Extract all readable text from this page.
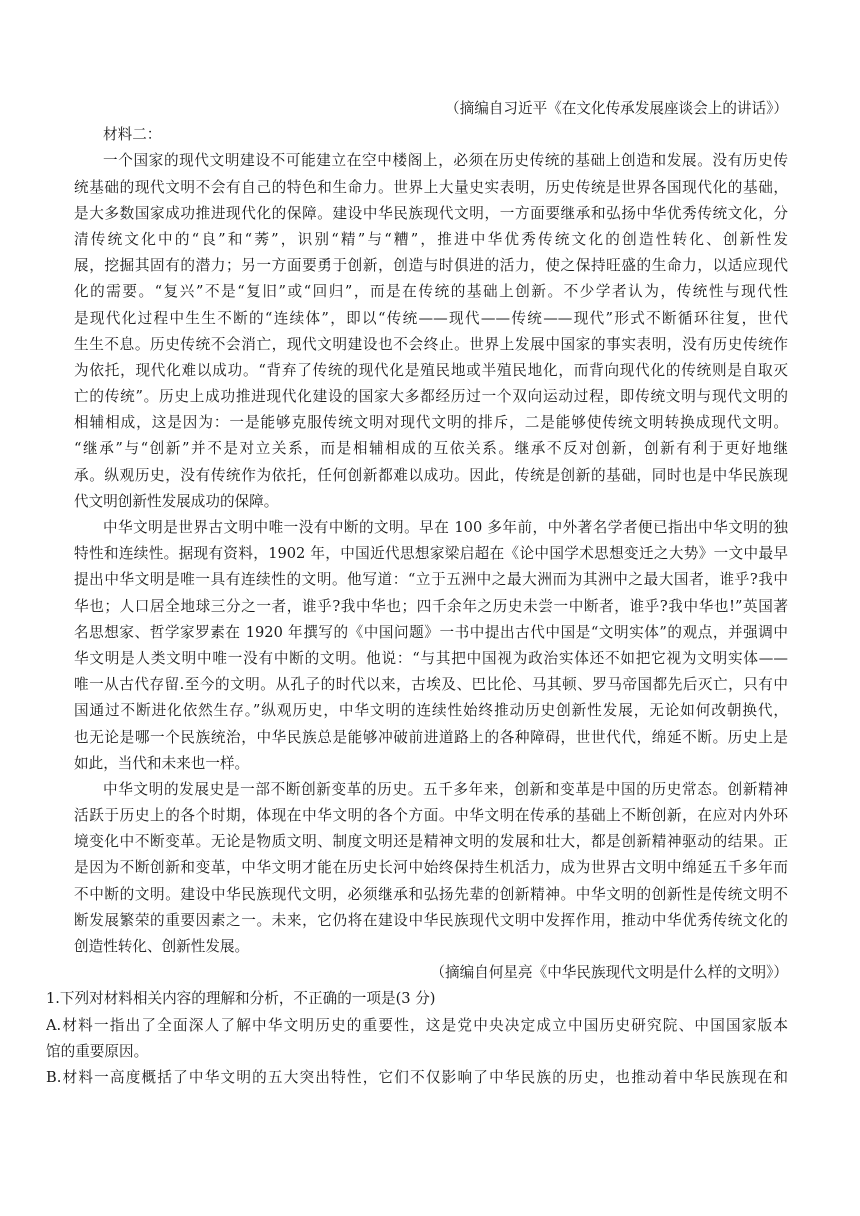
（摘编自习近平《在文化传承发展座谈会上的讲话》）
材料二：
一个国家的现代文明建设不可能建立在空中楼阁上，必须在历史传统的基础上创造和发展。没有历史传
统基础的现代文明不会有自己的特色和生命力。世界上大量史实表明，历史传统是世界各国现代化的基础，
是大多数国家成功推进现代化的保障。建设中华民族现代文明，一方面要继承和弘扬中华优秀传统文化，分
清传统文化中的“良”和“莠”，识别“精”与“糟”，推进中华优秀传统文化的创造性转化、创新性发
展，挖掘其固有的潜力；另一方面要勇于创新，创造与时俱进的活力，使之保持旺盛的生命力，以适应现代
化的需要。“复兴”不是“复旧”或“回归”，而是在传统的基础上创新。不少学者认为，传统性与现代性
是现代化过程中生生不断的“连续体”，即以“传统——现代——传统——现代”形式不断循环往复，世代
生生不息。历史传统不会消亡，现代文明建设也不会终止。世界上发展中国家的事实表明，没有历史传统作
为依托，现代化难以成功。“背弃了传统的现代化是殖民地或半殖民地化，而背向现代化的传统则是自取灭
亡的传统”。历史上成功推进现代化建设的国家大多都经历过一个双向运动过程，即传统文明与现代文明的
相辅相成，这是因为：一是能够克服传统文明对现代文明的排斥，二是能够使传统文明转换成现代文明。
“继承”与“创新”并不是对立关系，而是相辅相成的互依关系。继承不反对创新，创新有利于更好地继
承。纵观历史，没有传统作为依托，任何创新都难以成功。因此，传统是创新的基础，同时也是中华民族现
代文明创新性发展成功的保障。
中华文明是世界古文明中唯一没有中断的文明。早在 100 多年前，中外著名学者便已指出中华文明的独
特性和连续性。据现有资料，1902 年，中国近代思想家梁启超在《论中国学术思想变迁之大势》一文中最早
提出中华文明是唯一具有连续性的文明。他写道：“立于五洲中之最大洲而为其洲中之最大国者，谁乎?我中
华也；人口居全地球三分之一者，谁乎?我中华也；四千余年之历史未尝一中断者，谁乎?我中华也!”英国著
名思想家、哲学家罗素在 1920 年撰写的《中国问题》一书中提出古代中国是“文明实体”的观点，并强调中
华文明是人类文明中唯一没有中断的文明。他说：“与其把中国视为政治实体还不如把它视为文明实体——
唯一从古代存留.至今的文明。从孔子的时代以来，古埃及、巴比伦、马其顿、罗马帝国都先后灭亡，只有中
国通过不断进化依然生存。”纵观历史，中华文明的连续性始终推动历史创新性发展，无论如何改朝换代，
也无论是哪一个民族统治，中华民族总是能够冲破前进道路上的各种障碍，世世代代，绵延不断。历史上是
如此，当代和未来也一样。
中华文明的发展史是一部不断创新变革的历史。五千多年来，创新和变革是中国的历史常态。创新精神
活跃于历史上的各个时期，体现在中华文明的各个方面。中华文明在传承的基础上不断创新，在应对内外环
境变化中不断变革。无论是物质文明、制度文明还是精神文明的发展和壮大，都是创新精神驱动的结果。正
是因为不断创新和变革，中华文明才能在历史长河中始终保持生机活力，成为世界古文明中绵延五千多年而
不中断的文明。建设中华民族现代文明，必须继承和弘扬先辈的创新精神。中华文明的创新性是传统文明不
断发展繁荣的重要因素之一。未来，它仍将在建设中华民族现代文明中发挥作用，推动中华优秀传统文化的
创造性转化、创新性发展。
（摘编自何星亮《中华民族现代文明是什么样的文明》）
1.下列对材料相关内容的理解和分析，不正确的一项是(3 分)
A.材料一指出了全面深人了解中华文明历史的重要性，这是党中央决定成立中国历史研究院、中国国家版本
馆的重要原因。
B.材料一高度概括了中华文明的五大突出特性，它们不仅影响了中华民族的历史，也推动着中华民族现在和
